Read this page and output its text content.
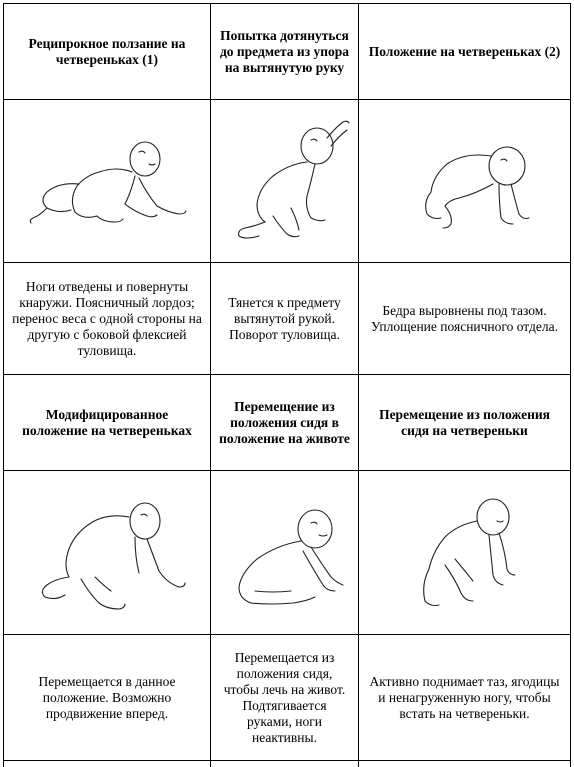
Реципрокное ползание на четвереньках (1)
Попытка дотянуться до предмета из упора на вытянутую руку
Положение на четвереньках (2)
Ноги отведены и повернуты кнаружи. Поясничный лордоз; перенос веса с одной стороны на другую с боковой флексией туловища.
Тянется к предмету вытянутой рукой. Поворот туловища.
Бедра выровнены под тазом. Уплощение поясничного отдела.
Модифицированное положение на четвереньках
Перемещение из положения сидя в положение на животе
Перемещение из положения сидя на четвереньки
Перемещается в данное положение. Возможно продвижение вперед.
Перемещается из положения сидя, чтобы лечь на живот. Подтягивается руками, ноги неактивны.
Активно поднимает таз, ягодицы и ненагруженную ногу, чтобы встать на четвереньки.
